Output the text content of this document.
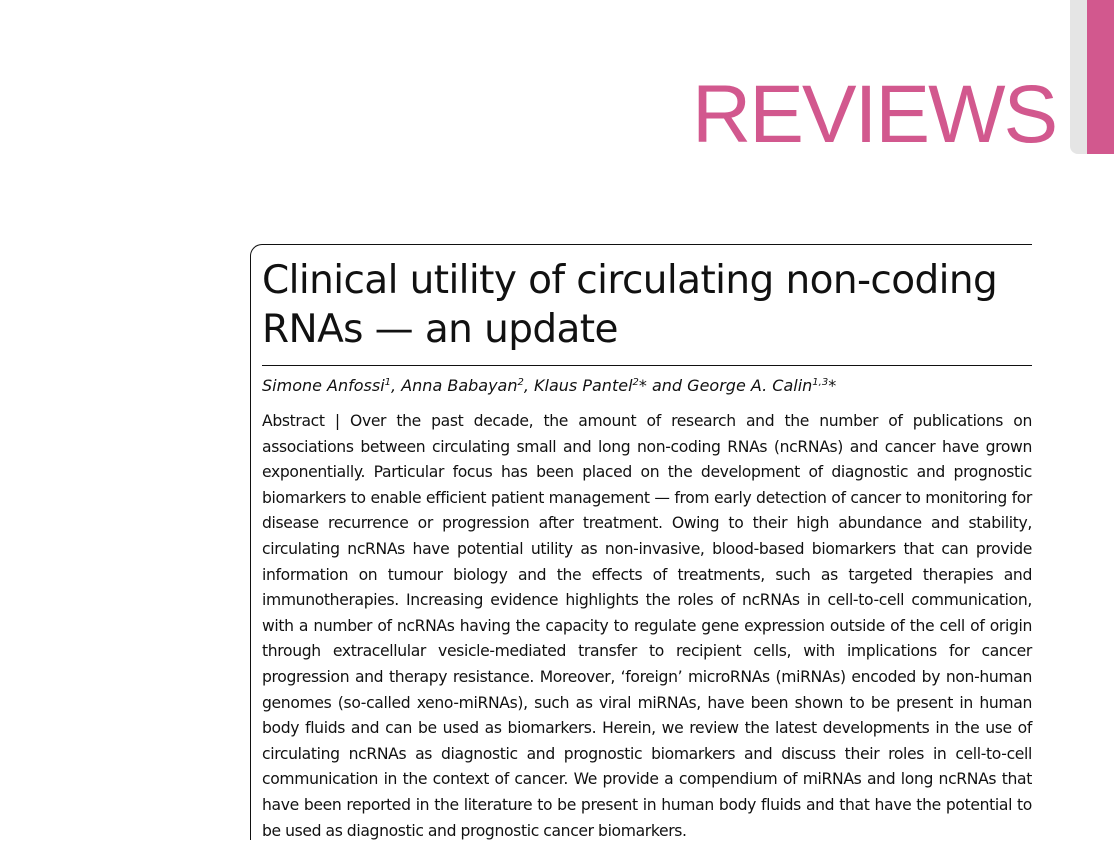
REVIEWS
Clinical utility of circulating non-coding RNAs — an update
Simone Anfossi$^1$, Anna Babayan$^2$, Klaus Pantel$^2$* and George A. Calin$^{1,3}$*

Abstract | Over the past decade, the amount of research and the number of publications on associations between circulating small and long non-coding RNAs (ncRNAs) and cancer have grown exponentially. Particular focus has been placed on the development of diagnostic and prognostic biomarkers to enable efficient patient management — from early detection of cancer to monitoring for disease recurrence or progression after treatment. Owing to their high abundance and stability, circulating ncRNAs have potential utility as non-invasive, blood-based biomarkers that can provide information on tumour biology and the effects of treatments, such as targeted therapies and immunotherapies. Increasing evidence highlights the roles of ncRNAs in cell-to-cell communication, with a number of ncRNAs having the capacity to regulate gene expression outside of the cell of origin through extracellular vesicle-mediated transfer to recipient cells, with implications for cancer progression and therapy resistance. Moreover, ‘foreign’ microRNAs (miRNAs) encoded by non-human genomes (so-called xeno-miRNAs), such as viral miRNAs, have been shown to be present in human body fluids and can be used as biomarkers. Herein, we review the latest developments in the use of circulating ncRNAs as diagnostic and prognostic biomarkers and discuss their roles in cell-to-cell communication in the context of cancer. We provide a compendium of miRNAs and long ncRNAs that have been reported in the literature to be present in human body fluids and that have the potential to be used as diagnostic and prognostic cancer biomarkers.
